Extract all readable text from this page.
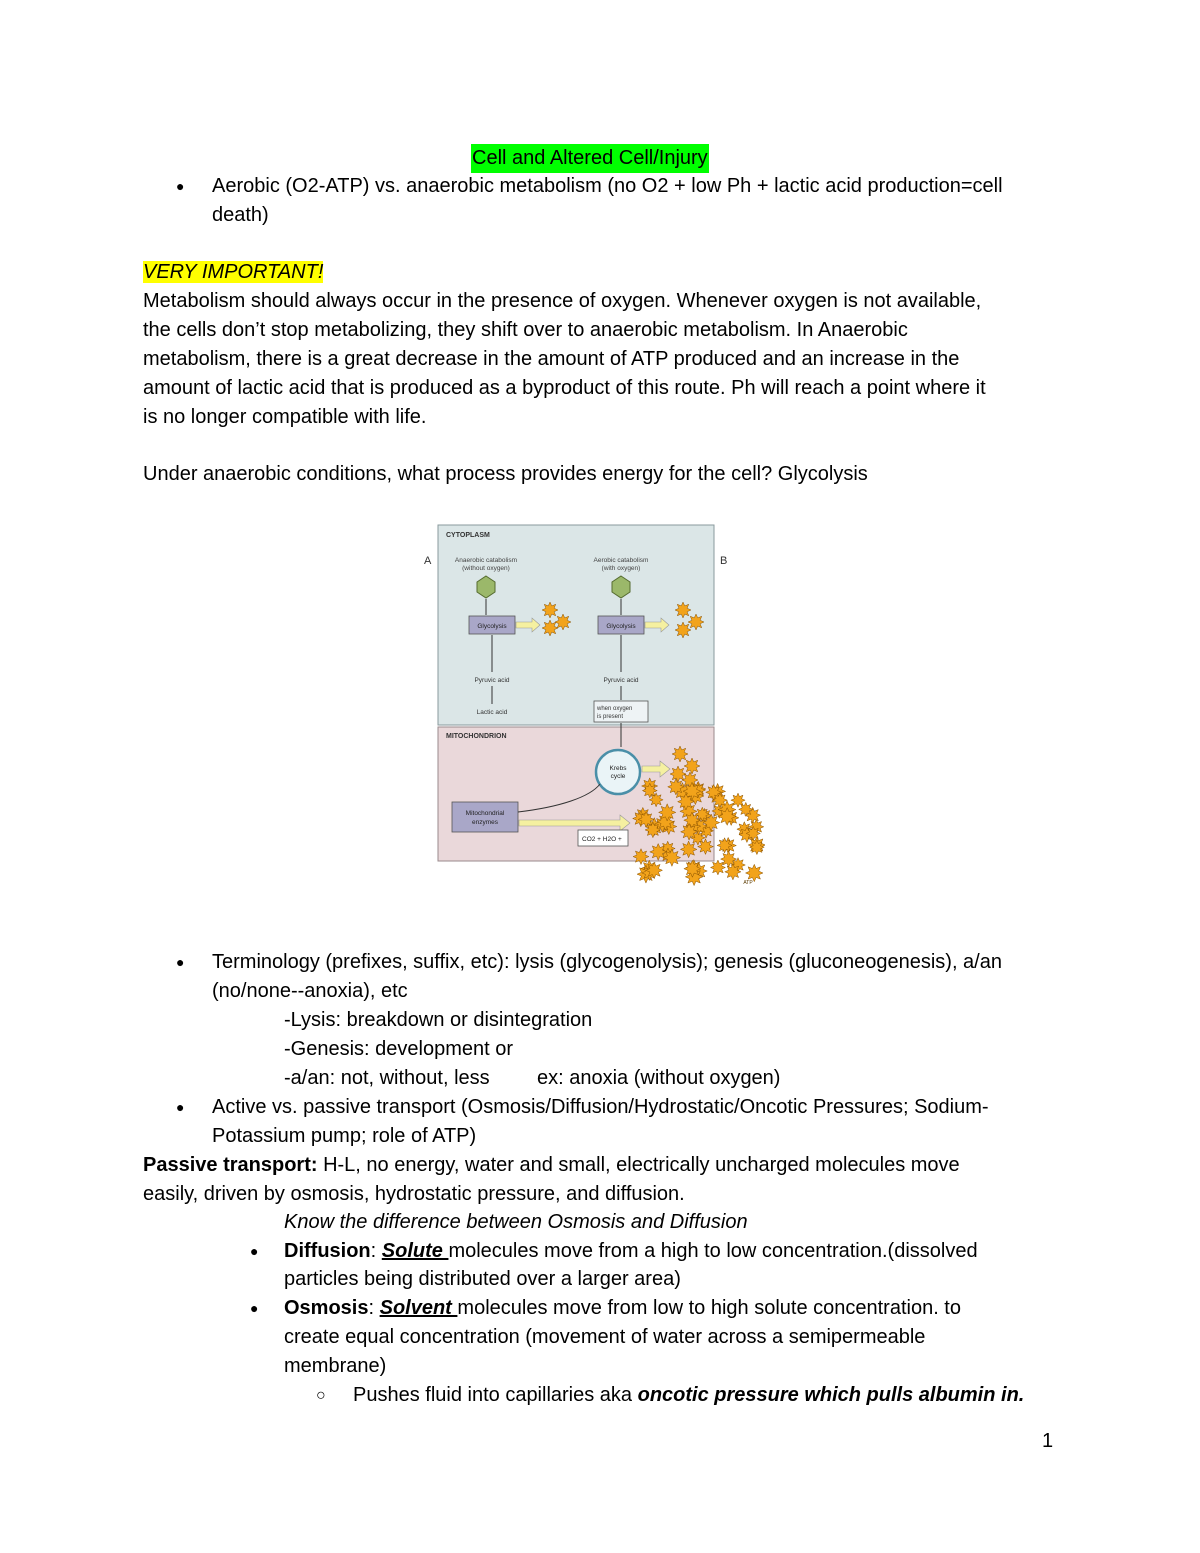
Cell and Altered Cell/Injury
● Aerobic (O2-ATP) vs. anaerobic metabolism (no O2 + low Ph + lactic acid production=cell
death)
VERY IMPORTANT!
Metabolism should always occur in the presence of oxygen. Whenever oxygen is not available,
the cells don’t stop metabolizing, they shift over to anaerobic metabolism. In Anaerobic
metabolism, there is a great decrease in the amount of ATP produced and an increase in the
amount of lactic acid that is produced as a byproduct of this route. Ph will reach a point where it
is no longer compatible with life.
Under anaerobic conditions, what process provides energy for the cell? Glycolysis
CYTOPLASM
A	B
Anaerobic catabolism
(without oxygen)
Aerobic catabolism
(with oxygen)
Glycolysis	Glycolysis
Pyruvic acid	Pyruvic acid
Lactic acid	when oxygen
is present
MITOCHONDRION
Krebs
cycle
Mitochondrial
enzymes
CO2 + H2O +
ATP
● Terminology (prefixes, suffix, etc): lysis (glycogenolysis); genesis (gluconeogenesis), a/an
(no/none--anoxia), etc
-Lysis: breakdown or disintegration
-Genesis: development or
-a/an: not, without, less ex: anoxia (without oxygen)
● Active vs. passive transport (Osmosis/Diffusion/Hydrostatic/Oncotic Pressures; Sodium-
Potassium pump; role of ATP)
Passive transport: H-L, no energy, water and small, electrically uncharged molecules move
easily, driven by osmosis, hydrostatic pressure, and diffusion.
Know the difference between Osmosis and Diffusion
● Diffusion: Solute molecules move from a high to low concentration.(dissolved
particles being distributed over a larger area)
● Osmosis: Solvent molecules move from low to high solute concentration. to
create equal concentration (movement of water across a semipermeable
membrane)
○ Pushes fluid into capillaries aka oncotic pressure which pulls albumin in.
1
